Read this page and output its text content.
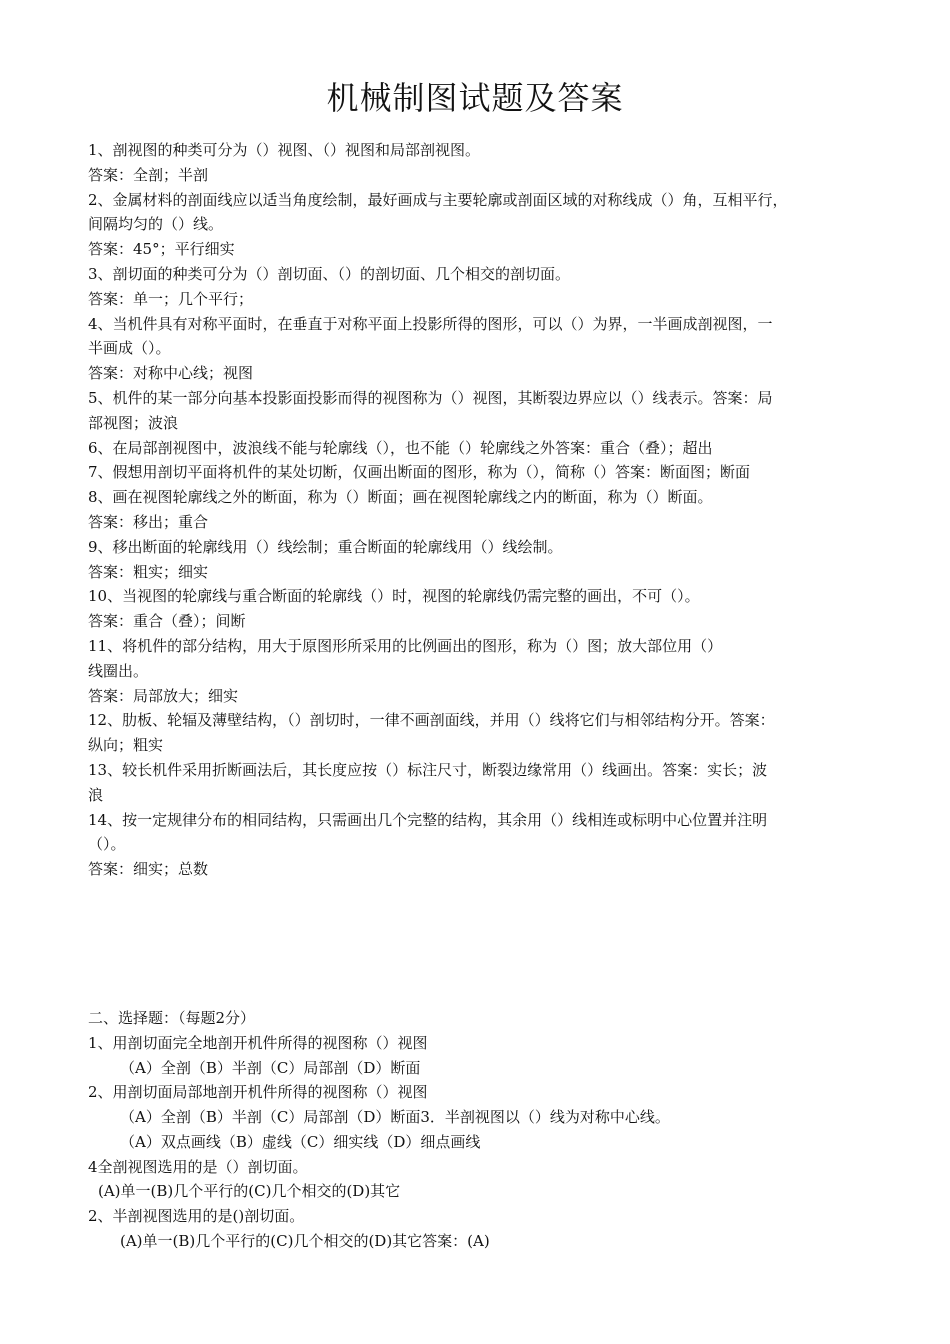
机械制图试题及答案
1、剖视图的种类可分为（）视图、（）视图和局部剖视图。
答案：全剖；半剖
2、金属材料的剖面线应以适当角度绘制，最好画成与主要轮廓或剖面区域的对称线成（）角，互相平行，
间隔均匀的（）线。
答案：45°；平行细实
3、剖切面的种类可分为（）剖切面、（）的剖切面、几个相交的剖切面。
答案：单一；几个平行；
4、当机件具有对称平面时，在垂直于对称平面上投影所得的图形，可以（）为界，一半画成剖视图，一
半画成（）。
答案：对称中心线；视图
5、机件的某一部分向基本投影面投影而得的视图称为（）视图，其断裂边界应以（）线表示。答案：局
部视图；波浪
6、在局部剖视图中，波浪线不能与轮廓线（），也不能（）轮廓线之外答案：重合（叠）；超出
7、假想用剖切平面将机件的某处切断，仅画出断面的图形，称为（），简称（）答案：断面图；断面
8、画在视图轮廓线之外的断面，称为（）断面；画在视图轮廓线之内的断面，称为（）断面。
答案：移出；重合
9、移出断面的轮廓线用（）线绘制；重合断面的轮廓线用（）线绘制。
答案：粗实；细实
10、当视图的轮廓线与重合断面的轮廓线（）时，视图的轮廓线仍需完整的画出，不可（）。
答案：重合（叠）；间断
11、将机件的部分结构，用大于原图形所采用的比例画出的图形，称为（）图；放大部位用（）
线圈出。
答案：局部放大；细实
12、肋板、轮辐及薄壁结构，（）剖切时，一律不画剖面线，并用（）线将它们与相邻结构分开。答案：
纵向；粗实
13、较长机件采用折断画法后，其长度应按（）标注尺寸，断裂边缘常用（）线画出。答案：实长；波
浪
14、按一定规律分布的相同结构，只需画出几个完整的结构，其余用（）线相连或标明中心位置并注明
（）。
答案：细实；总数
二、选择题：（每题2分）
1、用剖切面完全地剖开机件所得的视图称（）视图
（A）全剖（B）半剖（C）局部剖（D）断面
2、用剖切面局部地剖开机件所得的视图称（）视图
（A）全剖（B）半剖（C）局部剖（D）断面3．半剖视图以（）线为对称中心线。
（A）双点画线（B）虚线（C）细实线（D）细点画线
4全剖视图选用的是（）剖切面。
(A)单一(B)几个平行的(C)几个相交的(D)其它
2、半剖视图选用的是()剖切面。
(A)单一(B)几个平行的(C)几个相交的(D)其它答案：(A)
